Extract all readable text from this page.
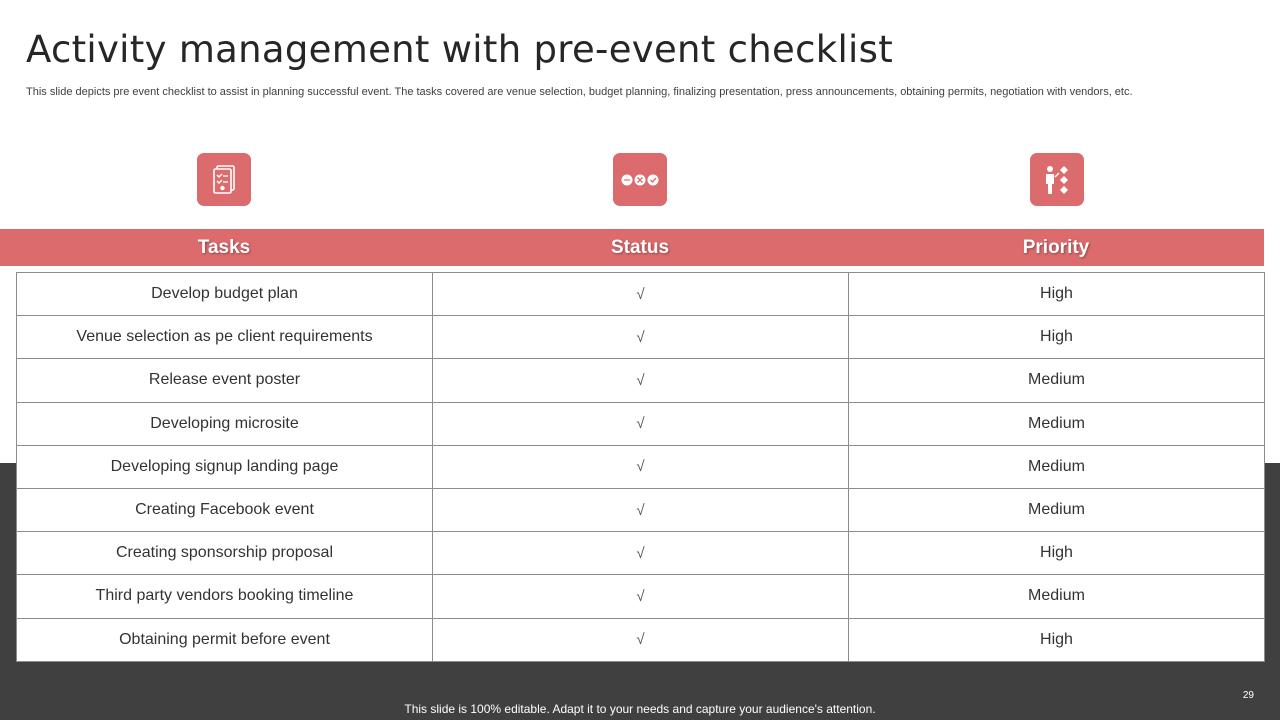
Activity management with pre-event checklist

This slide depicts pre event checklist to assist in planning successful event. The tasks covered are venue selection, budget planning, finalizing presentation, press announcements, obtaining permits, negotiation with vendors, etc.

Tasks	Status	Priority
Develop budget plan	√	High
Venue selection as pe client requirements	√	High
Release event poster	√	Medium
Developing microsite	√	Medium
Developing signup landing page	√	Medium
Creating Facebook event	√	Medium
Creating sponsorship proposal	√	High
Third party vendors booking timeline	√	Medium
Obtaining permit before event	√	High
29
This slide is 100% editable. Adapt it to your needs and capture your audience's attention.
